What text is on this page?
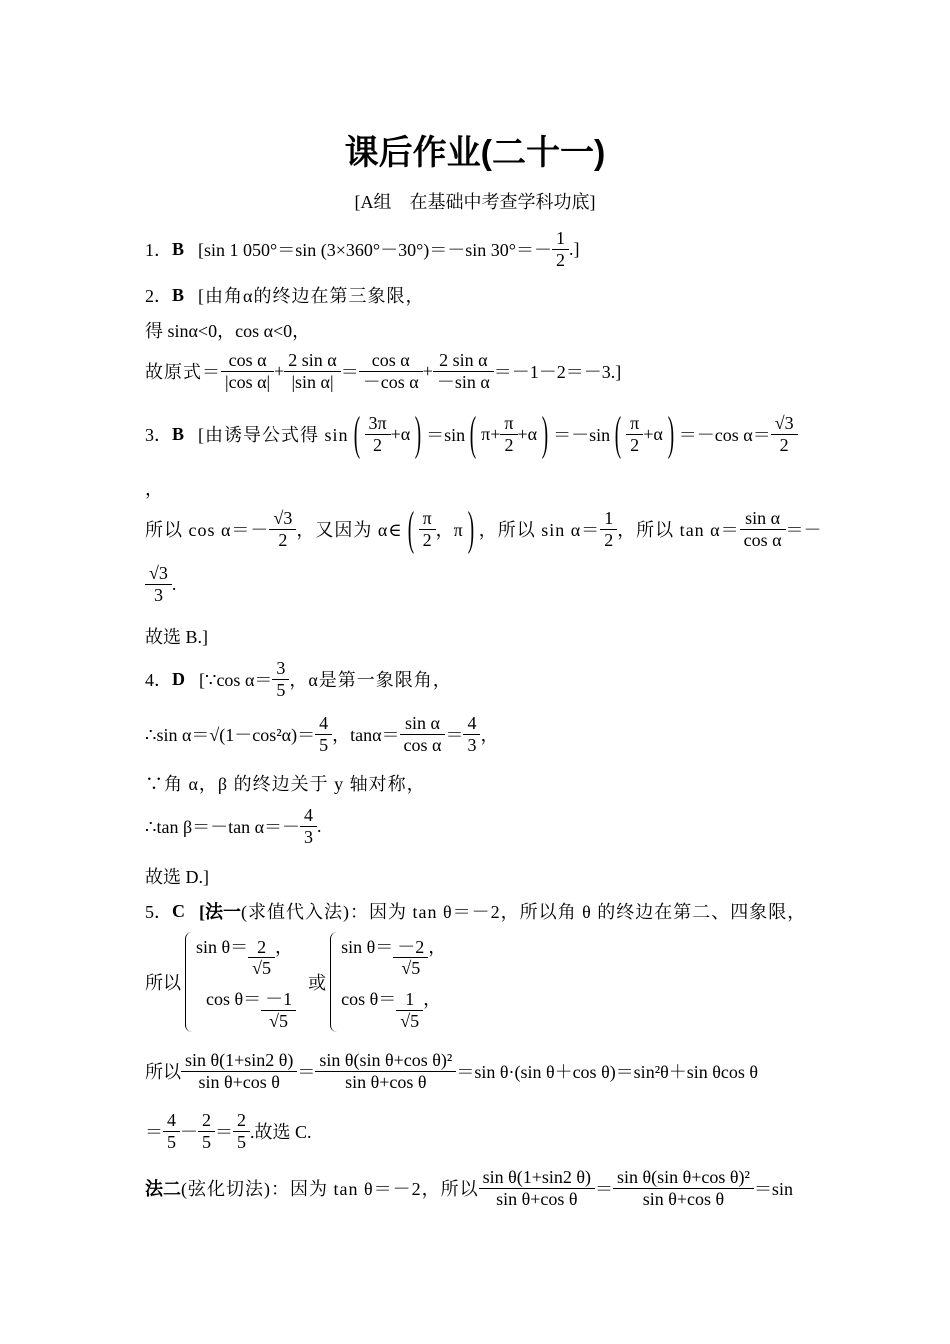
课后作业(二十一)
[A组　在基础中考查学科功底]
1． B [sin 1 050°＝sin (3×360°－30°)＝－sin $30^\circ=- \frac{1}{2}$ .]
2． B [由角α的终边在第三象限，
得 sinα<0，cos α<0，
故原式＝ $\frac{\text{cos α}}{\text{|cos α|}} + \frac{\text{2 sin α}}{\text{|sin α|}} = \frac{\text{cos α}}{\text{－cos α}} + \frac{\text{2 sin α}}{\text{－sin α}} =-1-2=-3$.]
3． B [由诱导公式得 sin ( $\frac{3\pi}{2} +\alpha$ ) ＝sin ( $\pi+ \frac{\pi}{2} +\alpha$ ) ＝－sin ( $\frac{\pi}{2} +\alpha$ ) ＝－cos $\alpha= \frac{√3}{2}$
，
所以 $\cos \alpha=- \frac{√3}{2}$ ，又因为 α∈ ( $\frac{\pi}{2}$ ，π ) ，所以 $\sin \alpha= \frac{1}{2}$ ，所以 $\tan \alpha= \frac{\text{sin α}}{\text{cos α}}$ ＝－
$\frac{√3}{3}$ .
故选 B.]
4． D [∵cos $\alpha= \frac{3}{5}$ ，α是第一象限角，
∴sin $\alpha=√(1-\cos^2\alpha)= \frac{4}{5}$ ，$\tan\alpha= \frac{\text{sin α}}{\text{cos α}} = \frac{4}{3}$ ，
∵角 α，β 的终边关于 y 轴对称，
∴tan β＝－tan $\alpha=- \frac{4}{3}$ .
故选 D.]
5． C [法一 (求值代入法)：因为 tan θ＝－2，所以角 θ 的终边在第二、四象限，
所以
$\sin \theta= \frac{2}{√5}$ ，
$\cos \theta= \frac{-1}{√5}$
或
$\sin \theta= \frac{-2}{√5}$ ，
$\cos \theta= \frac{1}{√5}$ ，
所以 $\frac{\text{sin θ(1+sin2 θ)}}{\text{sin θ+cos θ}} = \frac{\text{sin θ(sin θ+cos θ)²}}{\text{sin θ+cos θ}} =\sin$ θ·(sin θ＋cos θ)＝sin²θ＋sin θcos θ
＝ $\frac{4}{5} - \frac{2}{5} = \frac{2}{5}$ .故选 C.
法二 (弦化切法)：因为 tan θ＝－2，所以 $\frac{\text{sin θ(1+sin2 θ)}}{\text{sin θ+cos θ}} = \frac{\text{sin θ(sin θ+cos θ)²}}{\text{sin θ+cos θ}} =\sin$
